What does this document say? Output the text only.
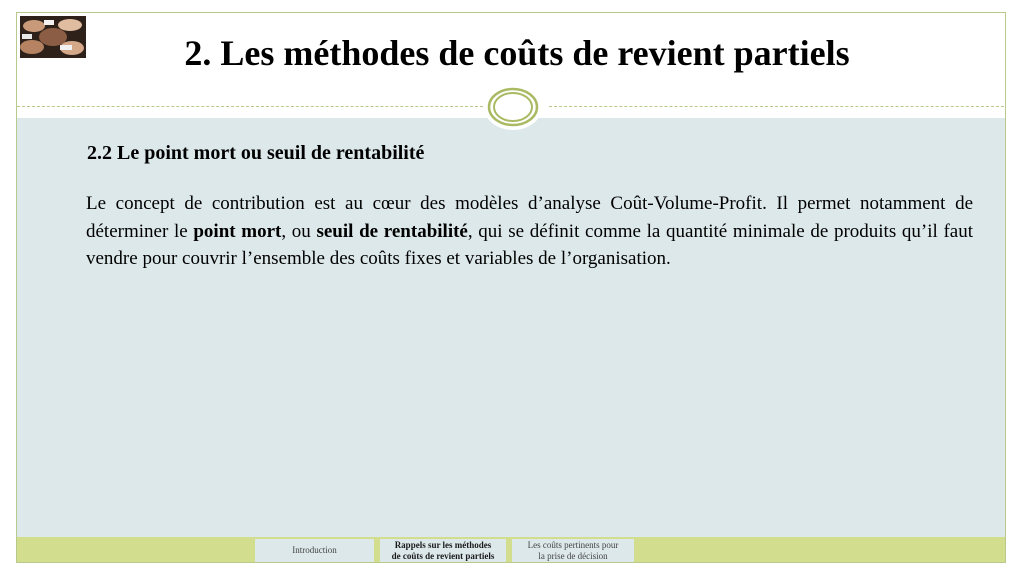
2. Les méthodes de coûts de revient partiels
2.2 Le point mort ou seuil de rentabilité

Le concept de contribution est au cœur des modèles d’analyse Coût-Volume-Profit. Il permet notamment de déterminer le point mort, ou seuil de rentabilité, qui se définit comme la quantité minimale de produits qu’il faut vendre pour couvrir l’ensemble des coûts fixes et variables de l’organisation.

Introduction
Rappels sur les méthodes
de coûts de revient partiels
Les coûts pertinents pour
la prise de décision
